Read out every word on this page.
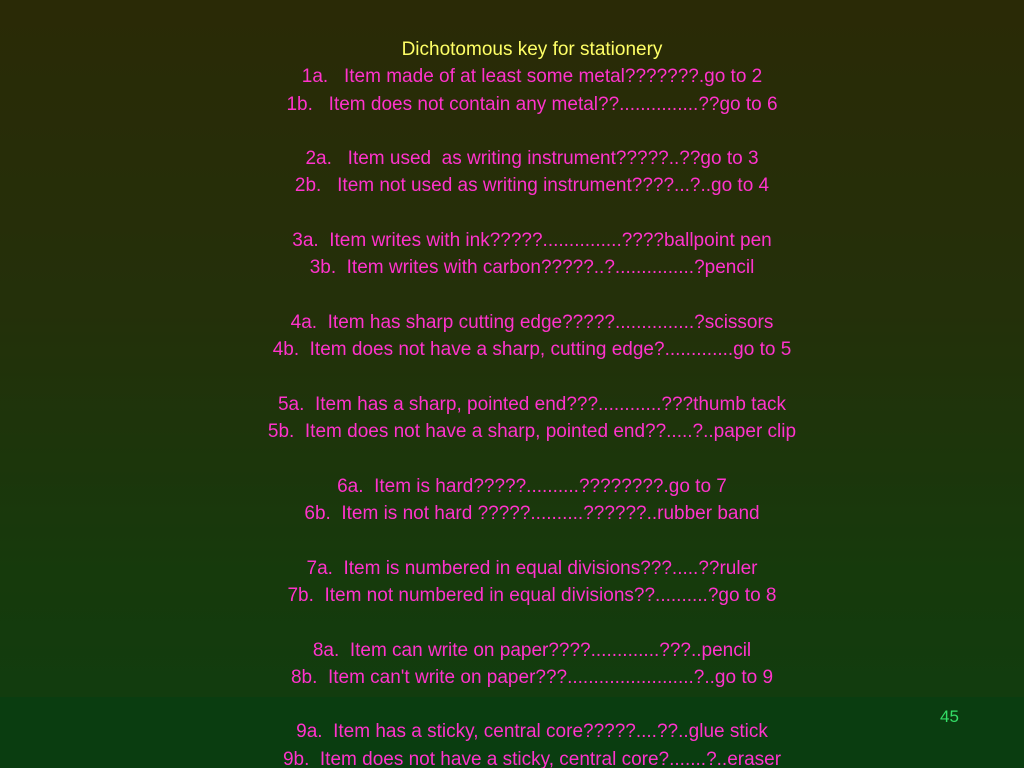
Dichotomous key for stationery
1a.   Item made of at least some metal???????.go to 2
1b.   Item does not contain any metal??...............??go to 6
2a.   Item used  as writing instrument?????..??go to 3
2b.   Item not used as writing instrument????...?..go to 4
3a.  Item writes with ink?????...............????ballpoint pen
3b.  Item writes with carbon?????..?...............?pencil
4a.  Item has sharp cutting edge?????...............?scissors
4b.  Item does not have a sharp, cutting edge?.............go to 5
5a.  Item has a sharp, pointed end???............???thumb tack
5b.  Item does not have a sharp, pointed end??.....?..paper clip
6a.  Item is hard?????..........????????.go to 7
6b.  Item is not hard ?????..........??????..rubber band
7a.  Item is numbered in equal divisions???.....??ruler
7b.  Item not numbered in equal divisions??..........?go to 8
8a.  Item can write on paper????.............???..pencil
8b.  Item can't write on paper???........................?..go to 9
9a.  Item has a sticky, central core?????....??..glue stick
9b.  Item does not have a sticky, central core?.......?..eraser
45
